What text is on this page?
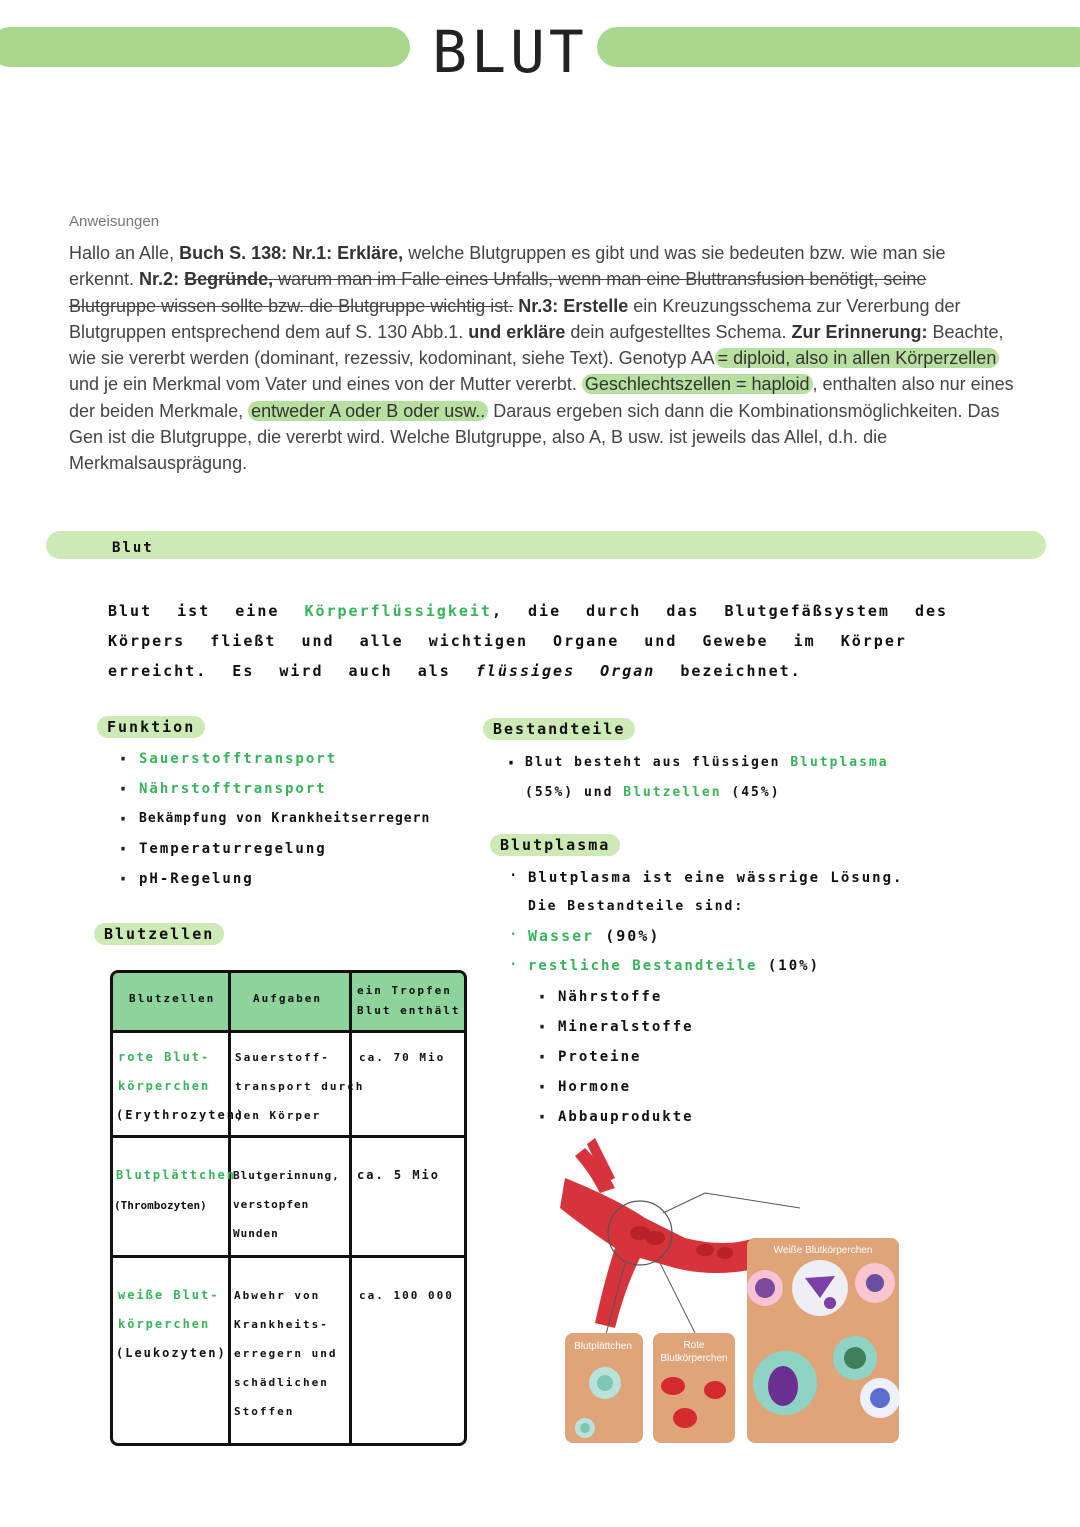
BLUT
Anweisungen
Hallo an Alle, Buch S. 138: Nr.1: Erkläre, welche Blutgruppen es gibt und was sie bedeuten bzw. wie man sie erkennt. Nr.2: Begründe, warum man im Falle eines Unfalls, wenn man eine Bluttransfusion benötigt, seine Blutgruppe wissen sollte bzw. die Blutgruppe wichtig ist. Nr.3: Erstelle ein Kreuzungsschema zur Vererbung der Blutgruppen entsprechend dem auf S. 130 Abb.1. und erkläre dein aufgestelltes Schema. Zur Erinnerung: Beachte, wie sie vererbt werden (dominant, rezessiv, kodominant, siehe Text). Genotyp AA = diploid, also in allen Körperzellen und je ein Merkmal vom Vater und eines von der Mutter vererbt. Geschlechtszellen = haploid , enthalten also nur eines der beiden Merkmale, entweder A oder B oder usw.. Daraus ergeben sich dann die Kombinationsmöglichkeiten. Das Gen ist die Blutgruppe, die vererbt wird. Welche Blutgruppe, also A, B usw. ist jeweils das Allel, d.h. die Merkmalsausprägung.
Blut
Blut ist eine Körperflüssigkeit, die durch das Blutgefäßsystem des Körpers fließt und alle wichtigen Organe und Gewebe im Körper erreicht. Es wird auch als flüssiges Organ bezeichnet.
Funktion
· Sauerstofftransport
· Nährstofftransport
· Bekämpfung von Krankheitserregern
· Temperaturregelung
· pH-Regelung
Bestandteile
· Blut besteht aus flüssigen Blutplasma
(55%) und Blutzellen (45%)
Blutplasma
Blutplasma ist eine wässrige Lösung.
·
Die Bestandteile sind:
Wasser (90%)
·
restliche Bestandteile (10%)
·
· Nährstoffe
· Mineralstoffe
· Proteine
· Hormone
· Abbauprodukte
Blutzellen
Blutzellen	Aufgaben
ein Tropfen Blut enthält
rote Blut-
körperchen
(Erythrozyten)
Sauerstoff-
transport durch
den Körper
ca. 70 Mio
Blutplättchen
(Thrombozyten)
Blutgerinnung,
verstopfen
Wunden
ca. 5 Mio
weiße Blut-
körperchen
(Leukozyten)
Abwehr von
Krankheits-
erregern und
schädlichen
Stoffen
ca. 100 000
Weiße Blutkörperchen
Blutplättchen	Rote
Blutkörperchen
